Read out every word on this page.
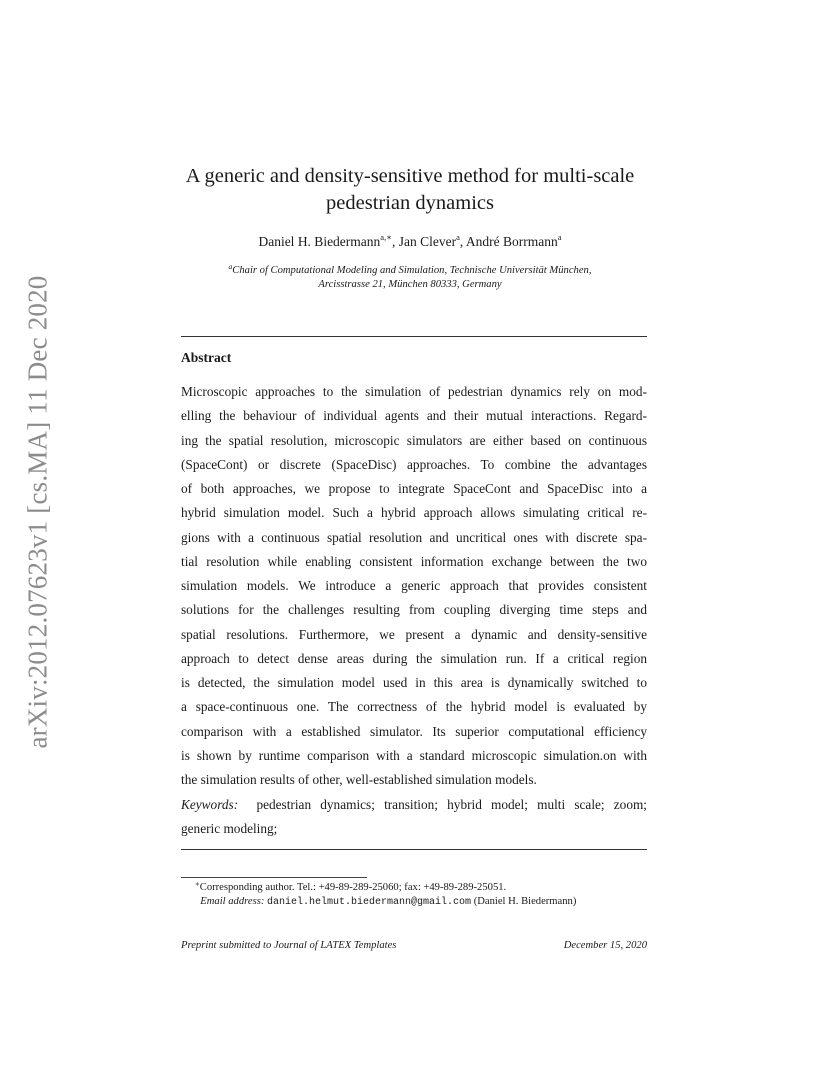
arXiv:2012.07623v1 [cs.MA] 11 Dec 2020
A generic and density-sensitive method for multi-scale
pedestrian dynamics
Daniel H. Biedermann$^{a,∗}$, Jan Clever$^a$, André Borrmann$^a$
$^a$Chair of Computational Modeling and Simulation, Technische Universität München,
Arcisstrasse 21, München 80333, Germany
Abstract
Microscopic approaches to the simulation of pedestrian dynamics rely on mod-
elling the behaviour of individual agents and their mutual interactions. Regard-
ing the spatial resolution, microscopic simulators are either based on continuous
(SpaceCont) or discrete (SpaceDisc) approaches. To combine the advantages
of both approaches, we propose to integrate SpaceCont and SpaceDisc into a
hybrid simulation model. Such a hybrid approach allows simulating critical re-
gions with a continuous spatial resolution and uncritical ones with discrete spa-
tial resolution while enabling consistent information exchange between the two
simulation models. We introduce a generic approach that provides consistent
solutions for the challenges resulting from coupling diverging time steps and
spatial resolutions. Furthermore, we present a dynamic and density-sensitive
approach to detect dense areas during the simulation run. If a critical region
is detected, the simulation model used in this area is dynamically switched to
a space-continuous one. The correctness of the hybrid model is evaluated by
comparison with a established simulator. Its superior computational efficiency
is shown by runtime comparison with a standard microscopic simulation.on with
the simulation results of other, well-established simulation models.
Keywords: pedestrian dynamics; transition; hybrid model; multi scale; zoom;
generic modeling;
∗Corresponding author. Tel.: +49-89-289-25060; fax: +49-89-289-25051.
Email address: daniel.helmut.biedermann@gmail.com (Daniel H. Biedermann)
Preprint submitted to Journal of LATEX Templates	December 15, 2020
